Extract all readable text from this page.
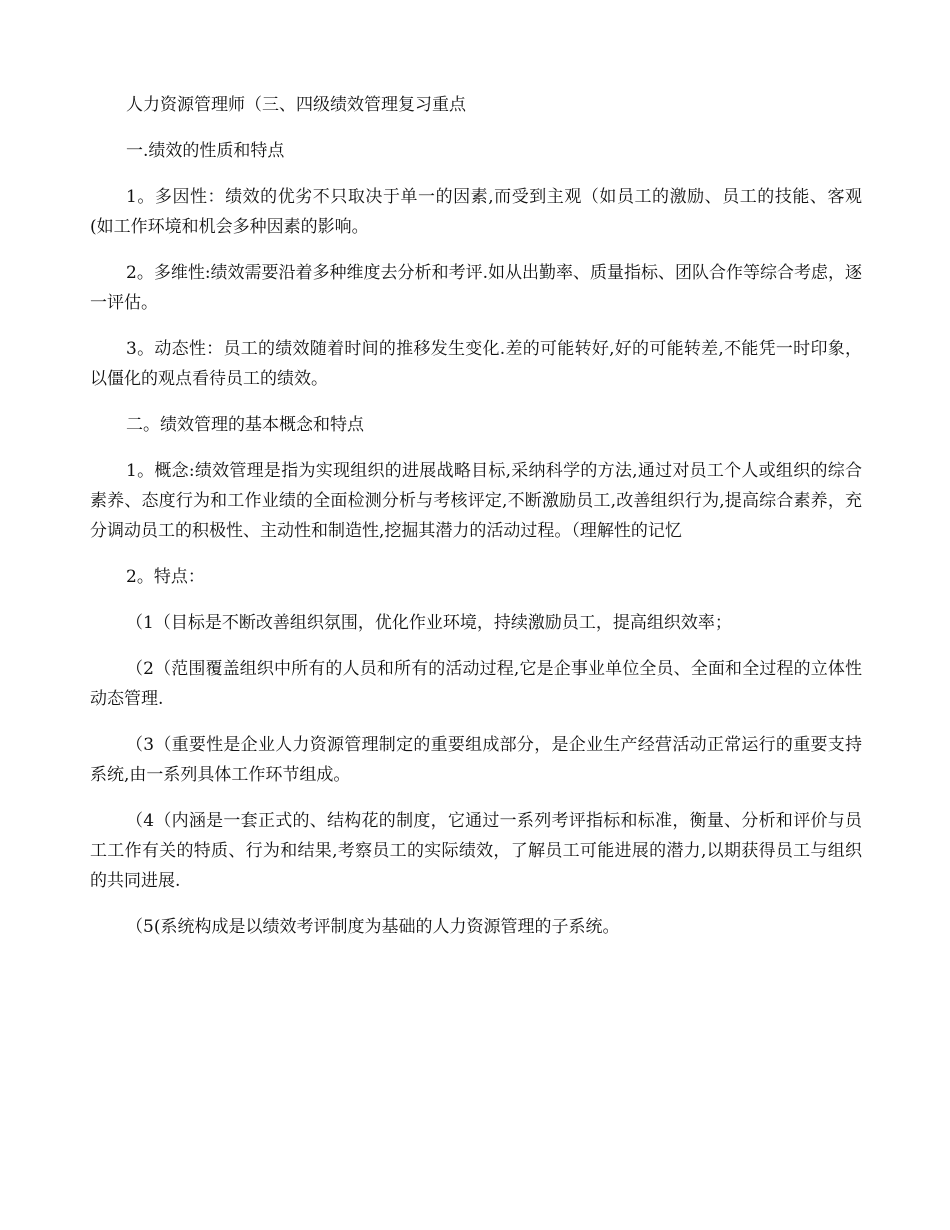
人力资源管理师（三、四级绩效管理复习重点

一.绩效的性质和特点

1。多因性：绩效的优劣不只取决于单一的因素,而受到主观（如员工的激励、员工的技能、客观(如工作环境和机会多种因素的影响。

2。多维性:绩效需要沿着多种维度去分析和考评.如从出勤率、质量指标、团队合作等综合考虑，逐一评估。

3。动态性：员工的绩效随着时间的推移发生变化.差的可能转好,好的可能转差,不能凭一时印象，以僵化的观点看待员工的绩效。

二。绩效管理的基本概念和特点

1。概念:绩效管理是指为实现组织的进展战略目标,采纳科学的方法,通过对员工个人或组织的综合素养、态度行为和工作业绩的全面检测分析与考核评定,不断激励员工,改善组织行为,提高综合素养，充分调动员工的积极性、主动性和制造性,挖掘其潜力的活动过程。（理解性的记忆

2。特点：

（1（目标是不断改善组织氛围，优化作业环境，持续激励员工，提高组织效率；

（2（范围覆盖组织中所有的人员和所有的活动过程,它是企事业单位全员、全面和全过程的立体性动态管理.

（3（重要性是企业人力资源管理制定的重要组成部分，是企业生产经营活动正常运行的重要支持系统,由一系列具体工作环节组成。

（4（内涵是一套正式的、结构花的制度，它通过一系列考评指标和标准，衡量、分析和评价与员工工作有关的特质、行为和结果,考察员工的实际绩效，了解员工可能进展的潜力,以期获得员工与组织的共同进展.

（5(系统构成是以绩效考评制度为基础的人力资源管理的子系统。
